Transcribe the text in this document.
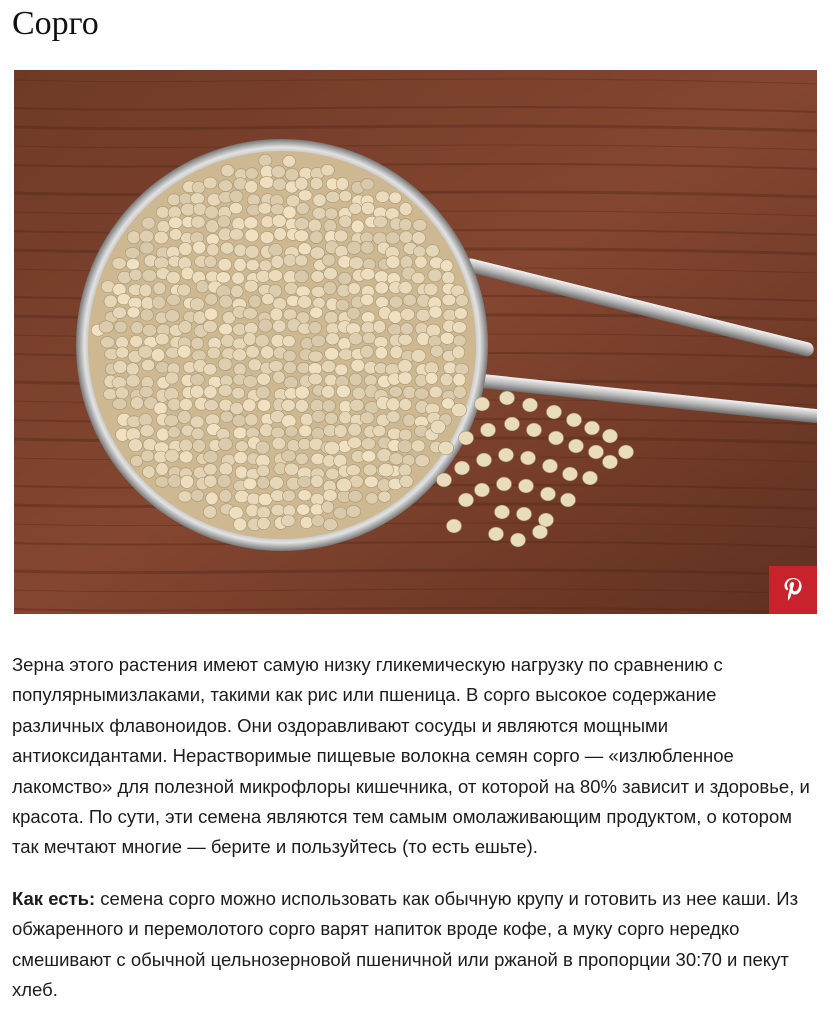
Сорго

Зерна этого растения имеют самую низку гликемическую нагрузку по сравнению с популярнымизлаками, такими как рис или пшеница. В сорго высокое содержание различных флавоноидов. Они оздоравливают сосуды и являются мощными антиоксидантами. Нерастворимые пищевые волокна семян сорго — «излюбленное лакомство» для полезной микрофлоры кишечника, от которой на 80% зависит и здоровье, и красота. По сути, эти семена являются тем самым омолаживающим продуктом, о котором так мечтают многие — берите и пользуйтесь (то есть ешьте).

Как есть: семена сорго можно использовать как обычную крупу и готовить из нее каши. Из обжаренного и перемолотого сорго варят напиток вроде кофе, а муку сорго нередко смешивают с обычной цельнозерновой пшеничной или ржаной в пропорции 30:70 и пекут хлеб.
